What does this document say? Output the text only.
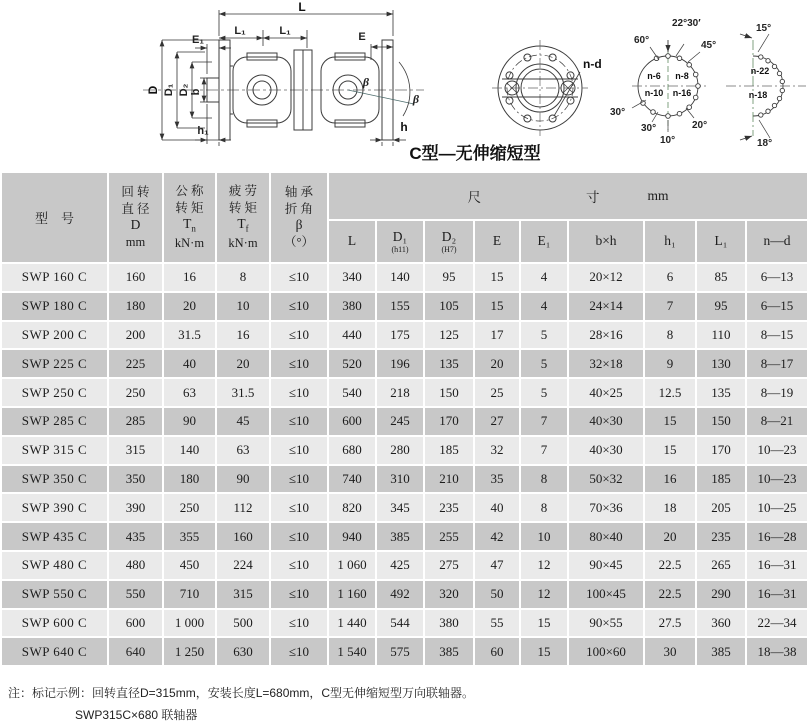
L
L₁	L₁
E₁	E
D D₁ D₂ b
h₁	h
β
β
n-d
22°30′
45°
60°
30°
30°
10°
20°
n-6 n-8
n-10 n-16
15°
18°
n-22
n-18
C型—无伸缩短型
型　号	
回 转
直 径
D
mm

公 称
转 矩
$T_n$
kN·m

疲 劳
转 矩
$T_f$
kN·m

轴 承
折 角
β
（°）

尺	寸	mm

L	D₁
(h11)

D₂
(H7)

E	E₁	b×h	h₁	L₁	n—d

SWP 160 C	160	16	8	≤10	340	140	95	15	4	20×12	6	85	6—13
SWP 180 C	180	20	10	≤10	380	155	105	15	4	24×14	7	95	6—15
SWP 200 C	200	31.5	16	≤10	440	175	125	17	5	28×16	8	110	8—15
SWP 225 C	225	40	20	≤10	520	196	135	20	5	32×18	9	130	8—17
SWP 250 C	250	63	31.5	≤10	540	218	150	25	5	40×25	12.5	135	8—19
SWP 285 C	285	90	45	≤10	600	245	170	27	7	40×30	15	150	8—21
SWP 315 C	315	140	63	≤10	680	280	185	32	7	40×30	15	170	10—23
SWP 350 C	350	180	90	≤10	740	310	210	35	8	50×32	16	185	10—23
SWP 390 C	390	250	112	≤10	820	345	235	40	8	70×36	18	205	10—25
SWP 435 C	435	355	160	≤10	940	385	255	42	10	80×40	20	235	16—28
SWP 480 C	480	450	224	≤10	1 060	425	275	47	12	90×45	22.5	265	16—31
SWP 550 C	550	710	315	≤10	1 160	492	320	50	12	100×45	22.5	290	16—31
SWP 600 C	600	1 000	500	≤10	1 440	544	380	55	15	90×55	27.5	360	22—34
SWP 640 C	640	1 250	630	≤10	1 540	575	385	60	15	100×60	30	385	18—38
注：标记示例：回转直径D=315mm，安装长度L=680mm，C型无伸缩短型万向联轴器。
SWP315C×680 联轴器
